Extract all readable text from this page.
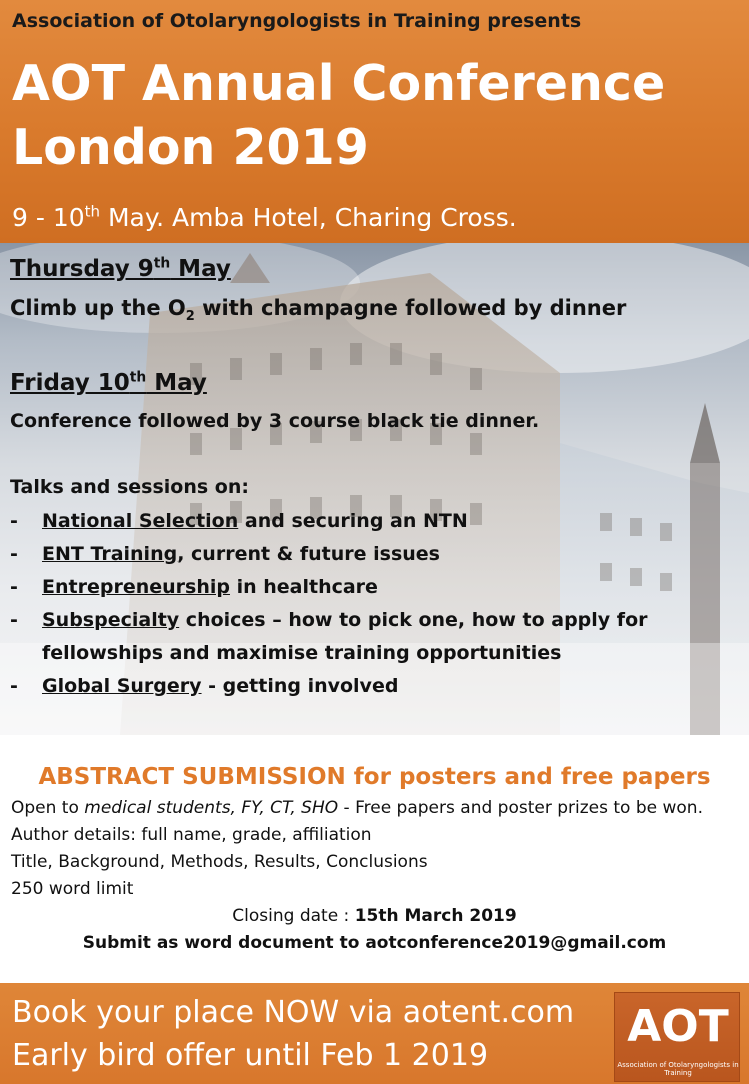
Association of Otolaryngologists in Training presents
AOT Annual Conference
London 2019
9 - 10th May. Amba Hotel, Charing Cross.
Thursday 9th May
Climb up the $O_2$ with champagne followed by dinner
Friday 10th May
Conference followed by 3 course black tie dinner.
Talks and sessions on:
- National Selection and securing an NTN
- ENT Training, current & future issues
- Entrepreneurship in healthcare
- Subspecialty choices – how to pick one, how to apply for
fellowships and maximise training opportunities
- Global Surgery - getting involved
ABSTRACT SUBMISSION for posters and free papers
Open to medical students, FY, CT, SHO - Free papers and poster prizes to be won.
Author details: full name, grade, affiliation
Title, Background, Methods, Results, Conclusions
250 word limit
Closing date : 15th March 2019
Submit as word document to aotconference2019@gmail.com
Book your place NOW via aotent.com
Early bird offer until Feb 1 2019
AOT
Association of Otolaryngologists in Training
